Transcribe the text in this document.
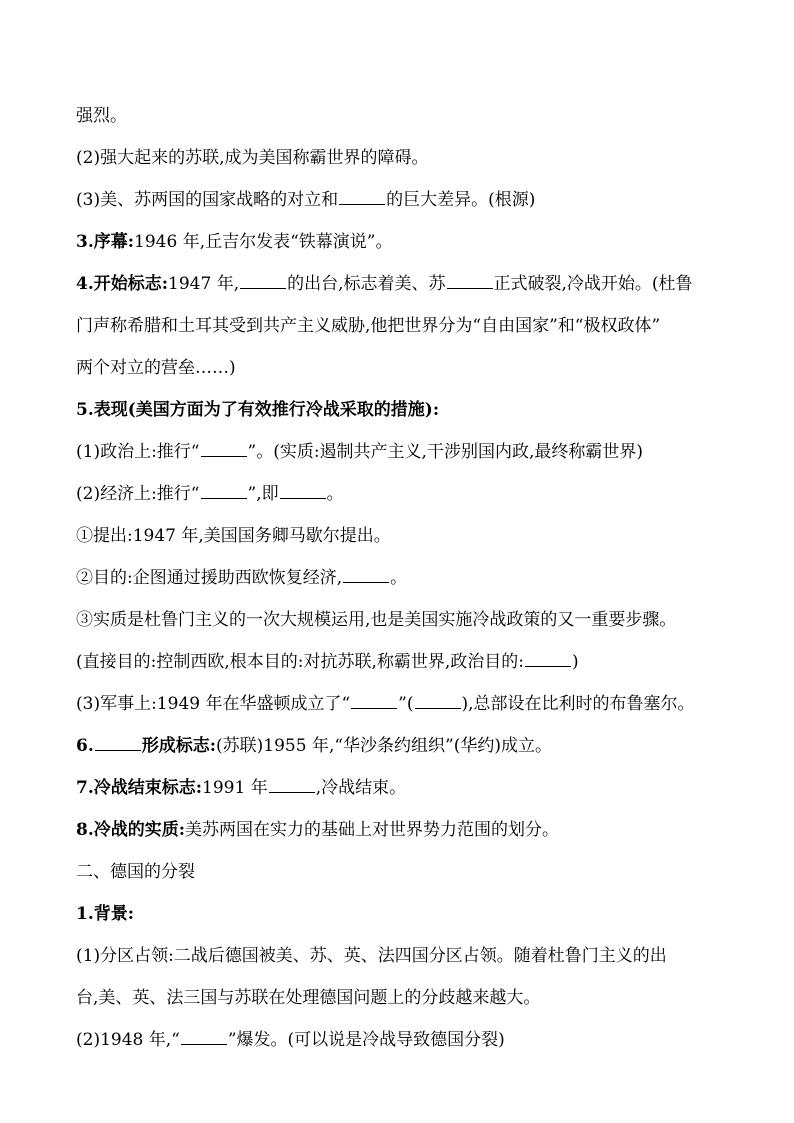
强烈。
(2)强大起来的苏联,成为美国称霸世界的障碍。
(3)美、苏两国的国家战略的对立和	的巨大差异。(根源)
3.序幕:1946 年,丘吉尔发表“铁幕演说”。
4.开始标志:1947 年,	的出台,标志着美、苏	正式破裂,冷战开始。(杜鲁
门声称希腊和土耳其受到共产主义威胁,他把世界分为“自由国家”和“极权政体”
两个对立的营垒……)
5.表现(美国方面为了有效推行冷战采取的措施):
(1)政治上:推行“	”。(实质:遏制共产主义,干涉别国内政,最终称霸世界)
(2)经济上:推行“	”,即	。
①提出:1947 年,美国国务卿马歇尔提出。
②目的:企图通过援助西欧恢复经济,	。
③实质是杜鲁门主义的一次大规模运用,也是美国实施冷战政策的又一重要步骤。
(直接目的:控制西欧,根本目的:对抗苏联,称霸世界,政治目的:	)
(3)军事上:1949 年在华盛顿成立了“	”(	),总部设在比利时的布鲁塞尔。
6.	形成标志:(苏联)1955 年,“华沙条约组织”(华约)成立。
7.冷战结束标志:1991 年	,冷战结束。
8.冷战的实质:美苏两国在实力的基础上对世界势力范围的划分。
二、德国的分裂
1.背景:
(1)分区占领:二战后德国被美、苏、英、法四国分区占领。随着杜鲁门主义的出
台,美、英、法三国与苏联在处理德国问题上的分歧越来越大。
(2)1948 年,“	”爆发。(可以说是冷战导致德国分裂)
